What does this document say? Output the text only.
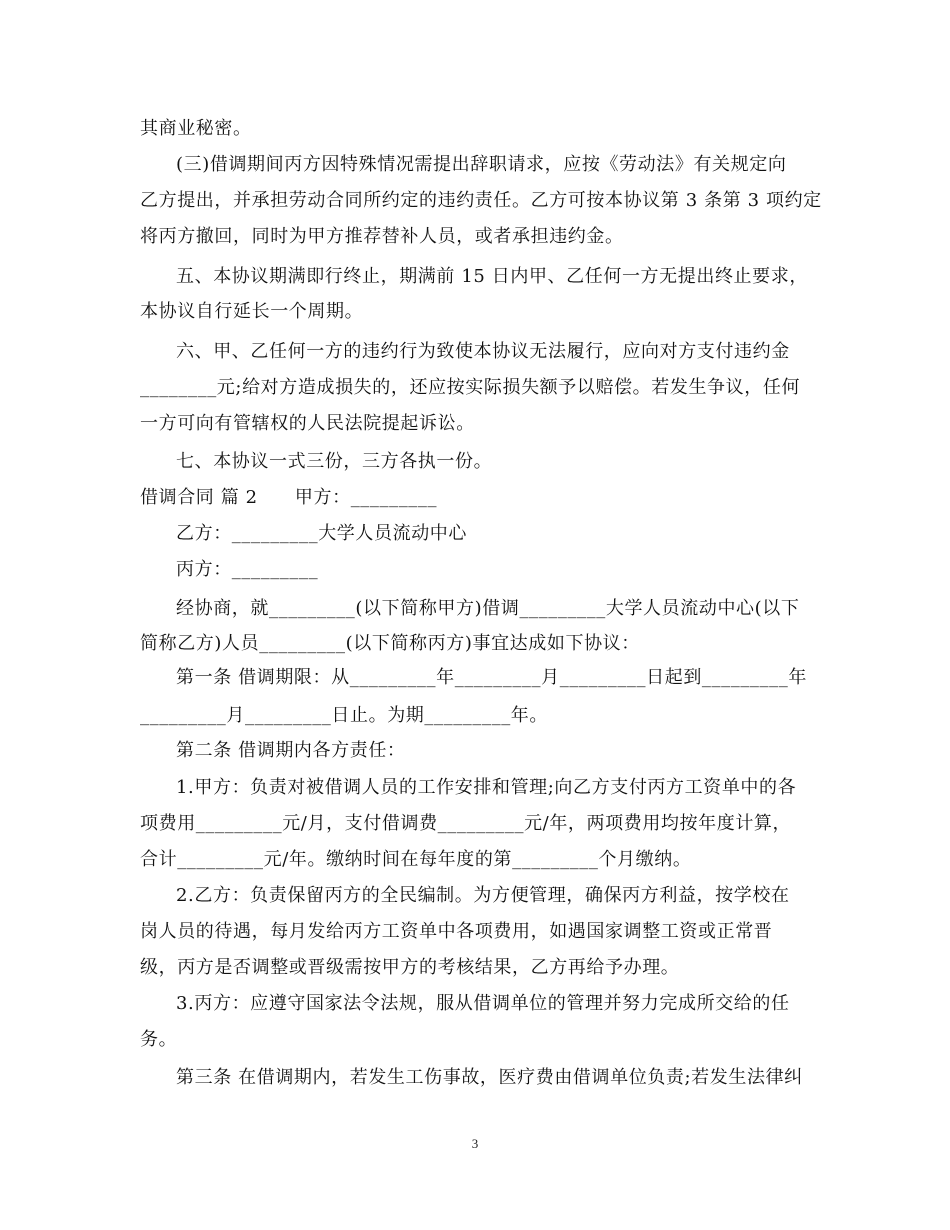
其商业秘密。
(三)借调期间丙方因特殊情况需提出辞职请求，应按《劳动法》有关规定向
乙方提出，并承担劳动合同所约定的违约责任。乙方可按本协议第 3 条第 3 项约定
将丙方撤回，同时为甲方推荐替补人员，或者承担违约金。
五、本协议期满即行终止，期满前 15 日内甲、乙任何一方无提出终止要求，
本协议自行延长一个周期。
六、甲、乙任何一方的违约行为致使本协议无法履行，应向对方支付违约金
________元;给对方造成损失的，还应按实际损失额予以赔偿。若发生争议，任何
一方可向有管辖权的人民法院提起诉讼。
七、本协议一式三份，三方各执一份。
借调合同 篇 2　　甲方：_________
乙方：_________大学人员流动中心
丙方：_________
经协商，就_________(以下简称甲方)借调_________大学人员流动中心(以下
简称乙方)人员_________(以下简称丙方)事宜达成如下协议：
第一条 借调期限：从_________年_________月_________日起到_________年
_________月_________日止。为期_________年。
第二条 借调期内各方责任：
1.甲方：负责对被借调人员的工作安排和管理;向乙方支付丙方工资单中的各
项费用_________元/月，支付借调费_________元/年，两项费用均按年度计算，
合计_________元/年。缴纳时间在每年度的第_________个月缴纳。
2.乙方：负责保留丙方的全民编制。为方便管理，确保丙方利益，按学校在
岗人员的待遇，每月发给丙方工资单中各项费用，如遇国家调整工资或正常晋
级，丙方是否调整或晋级需按甲方的考核结果，乙方再给予办理。
3.丙方：应遵守国家法令法规，服从借调单位的管理并努力完成所交给的任
务。
第三条 在借调期内，若发生工伤事故，医疗费由借调单位负责;若发生法律纠
3
